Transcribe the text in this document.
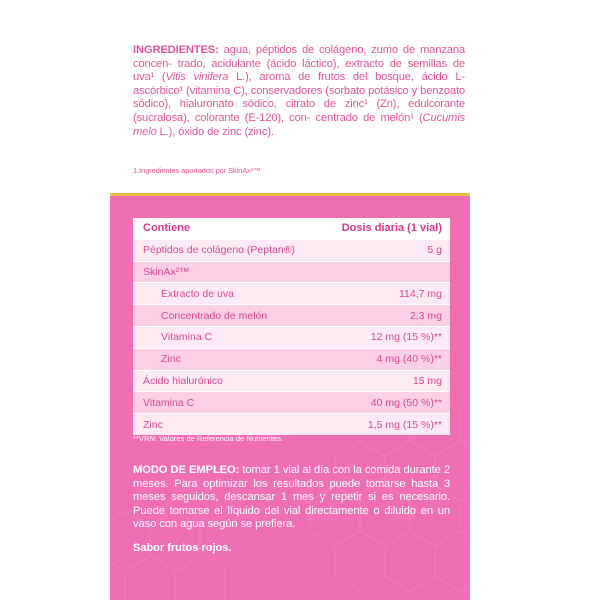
INGREDIENTES: agua, péptidos de colágeno, zumo de manzana concen- trado, acidulante (ácido láctico), extracto de semillas de uva¹ (Vitis vinifera L.), aroma de frutos del bosque, ácido L-ascórbico¹ (vitamina C), conservadores (sorbato potásico y benzoato sódico), hialuronato sódico, citrato de zinc¹ (Zn), edulcorante (sucralosa), colorante (E-120), con- centrado de melón¹ (Cucumis melo L.), óxido de zinc (zinc).
1.Ingredientes aportados por SkinAx²™
Contiene	Dosis diaria (1 vial)
Péptidos de colágeno (Peptan®)	5 g
SkinAx²™
Extracto de uva	114,7 mg
Concentrado de melón	2,3 mg
Vitamina C	12 mg (15 %)**
Zinc	4 mg (40 %)**
Ácido hialurónico	15 mg
Vitamina C	40 mg (50 %)**
Zinc	1,5 mg (15 %)**
**VRN: Valores de Referencia de Nutrientes.
MODO DE EMPLEO: tomar 1 vial al día con la comida durante 2 meses. Para optimizar los resultados puede tomarse hasta 3 meses seguidos, descansar 1 mes y repetir si es necesario. Puede tomarse el líquido del vial directamente o diluido en un vaso con agua según se prefiera.
Sabor frutos rojos.
